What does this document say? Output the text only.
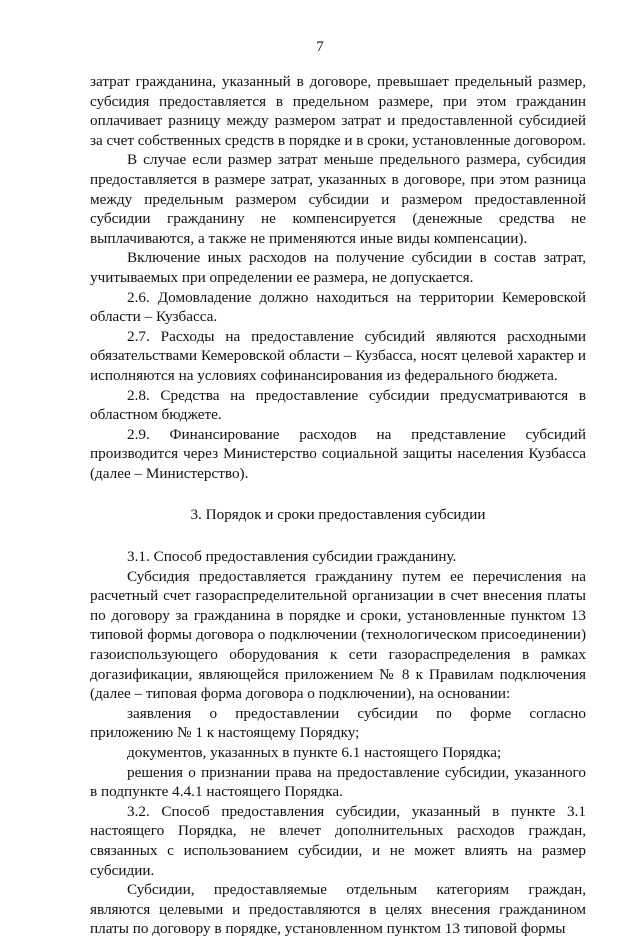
7

затрат гражданина, указанный в договоре, превышает предельный размер, субсидия предоставляется в предельном размере, при этом гражданин оплачивает разницу между размером затрат и предоставленной субсидией за счет собственных средств в порядке и в сроки, установленные договором.

В случае если размер затрат меньше предельного размера, субсидия предоставляется в размере затрат, указанных в договоре, при этом разница между предельным размером субсидии и размером предоставленной субсидии гражданину не компенсируется (денежные средства не выплачиваются, а также не применяются иные виды компенсации).

Включение иных расходов на получение субсидии в состав затрат, учитываемых при определении ее размера, не допускается.

2.6. Домовладение должно находиться на территории Кемеровской области – Кузбасса.

2.7. Расходы на предоставление субсидий являются расходными обязательствами Кемеровской области – Кузбасса, носят целевой характер и исполняются на условиях софинансирования из федерального бюджета.

2.8. Средства на предоставление субсидии предусматриваются в областном бюджете.

2.9. Финансирование расходов на представление субсидий производится через Министерство социальной защиты населения Кузбасса (далее – Министерство).

3. Порядок и сроки предоставления субсидии

3.1. Способ предоставления субсидии гражданину.

Субсидия предоставляется гражданину путем ее перечисления на расчетный счет газораспределительной организации в счет внесения платы по договору за гражданина в порядке и сроки, установленные пунктом 13 типовой формы договора о подключении (технологическом присоединении) газоиспользующего оборудования к сети газораспределения в рамках догазификации, являющейся приложением № 8 к Правилам подключения (далее – типовая форма договора о подключении), на основании:

заявления о предоставлении субсидии по форме согласно приложению № 1 к настоящему Порядку;

документов, указанных в пункте 6.1 настоящего Порядка;

решения о признании права на предоставление субсидии, указанного в подпункте 4.4.1 настоящего Порядка.

3.2. Способ предоставления субсидии, указанный в пункте 3.1 настоящего Порядка, не влечет дополнительных расходов граждан, связанных с использованием субсидии, и не может влиять на размер субсидии.

Субсидии, предоставляемые отдельным категориям граждан, являются целевыми и предоставляются в целях внесения гражданином платы по договору в порядке, установленном пунктом 13 типовой формы
